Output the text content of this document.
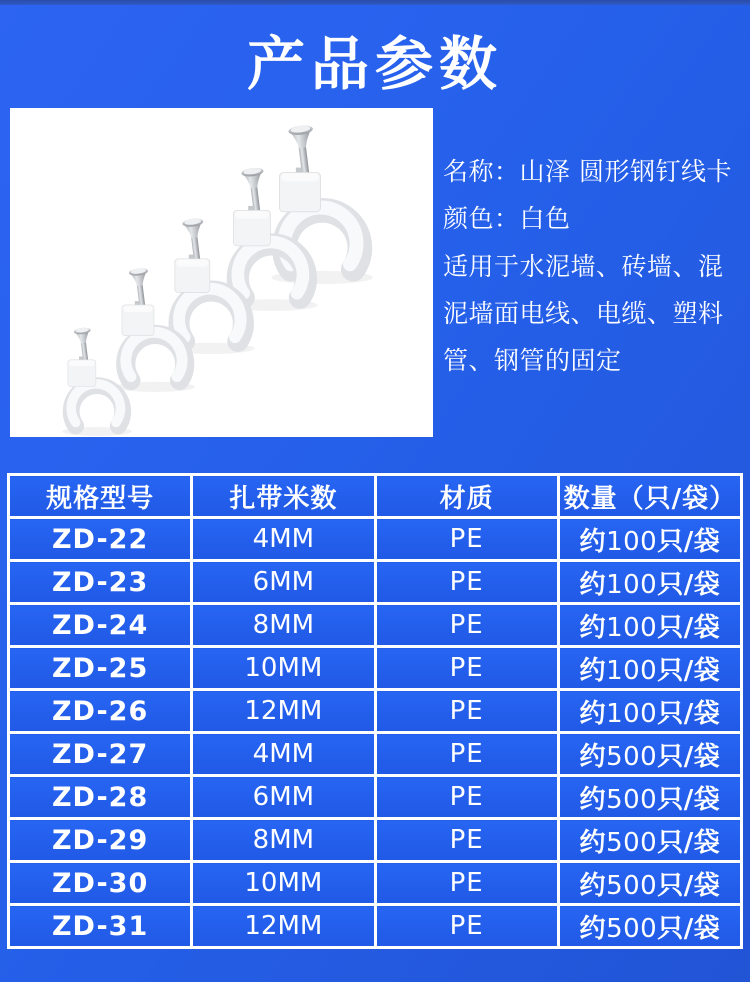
产品参数

名称：山泽 圆形钢钉线卡

颜色：白色

适用于水泥墙、砖墙、混泥墙面电线、电缆、塑料管、钢管的固定

规格型号	扎带米数	材质	数量（只/袋）
ZD-22	4MM	PE	约100只/袋
ZD-23	6MM	PE	约100只/袋
ZD-24	8MM	PE	约100只/袋
ZD-25	10MM	PE	约100只/袋
ZD-26	12MM	PE	约100只/袋
ZD-27	4MM	PE	约500只/袋
ZD-28	6MM	PE	约500只/袋
ZD-29	8MM	PE	约500只/袋
ZD-30	10MM	PE	约500只/袋
ZD-31	12MM	PE	约500只/袋
